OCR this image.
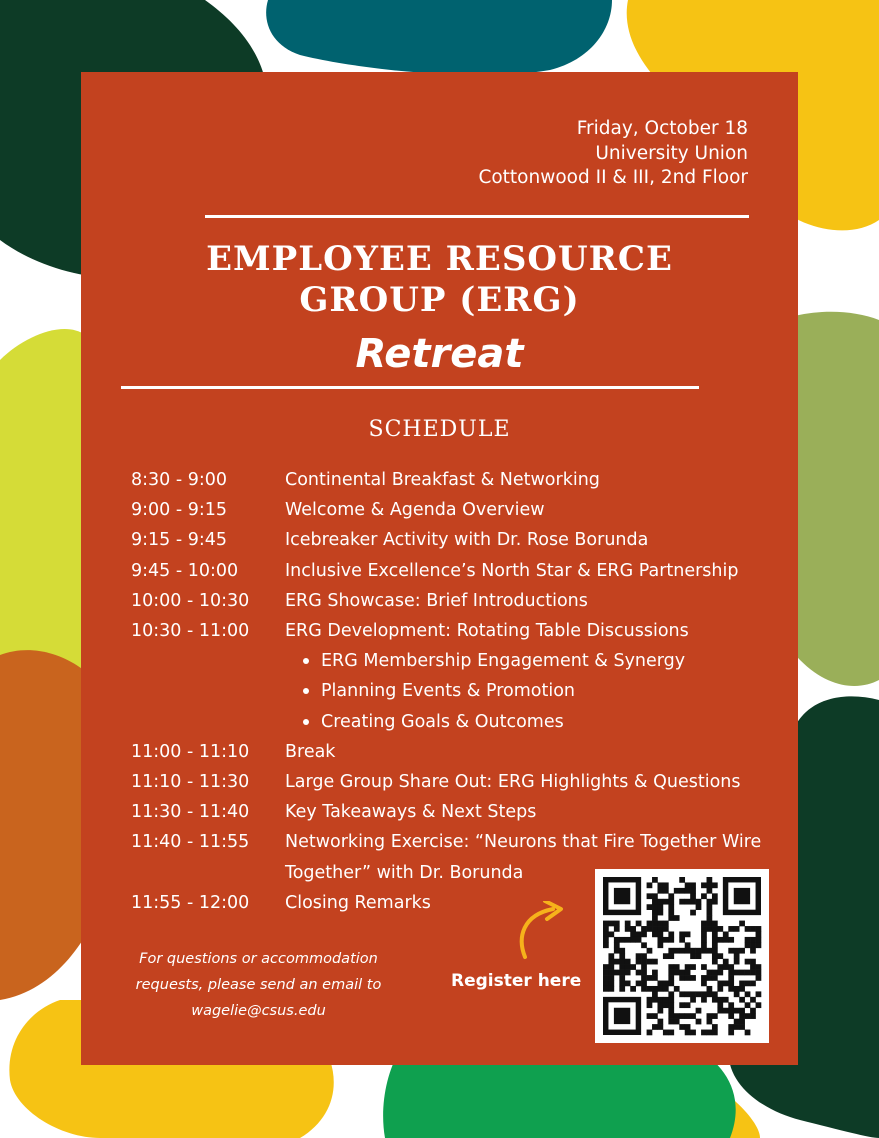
Friday, October 18
University Union
Cottonwood II & III, 2nd Floor
EMPLOYEE RESOURCE
GROUP (ERG)
Retreat
SCHEDULE
8:30 - 9:00	Continental Breakfast & Networking
9:00 - 9:15	Welcome & Agenda Overview
9:15 - 9:45	Icebreaker Activity with Dr. Rose Borunda
9:45 - 10:00	Inclusive Excellence’s North Star & ERG Partnership
10:00 - 10:30	ERG Showcase: Brief Introductions
10:30 - 11:00	ERG Development: Rotating Table Discussions
ERG Membership Engagement & Synergy
Planning Events & Promotion
Creating Goals & Outcomes
11:00 - 11:10	Break
11:10 - 11:30	Large Group Share Out: ERG Highlights & Questions
11:30 - 11:40	Key Takeaways & Next Steps
11:40 - 11:55	Networking Exercise: “Neurons that Fire Together Wire Together” with Dr. Borunda
11:55 - 12:00	Closing Remarks
For questions or accommodation
requests, please send an email to
wagelie@csus.edu
Register here
